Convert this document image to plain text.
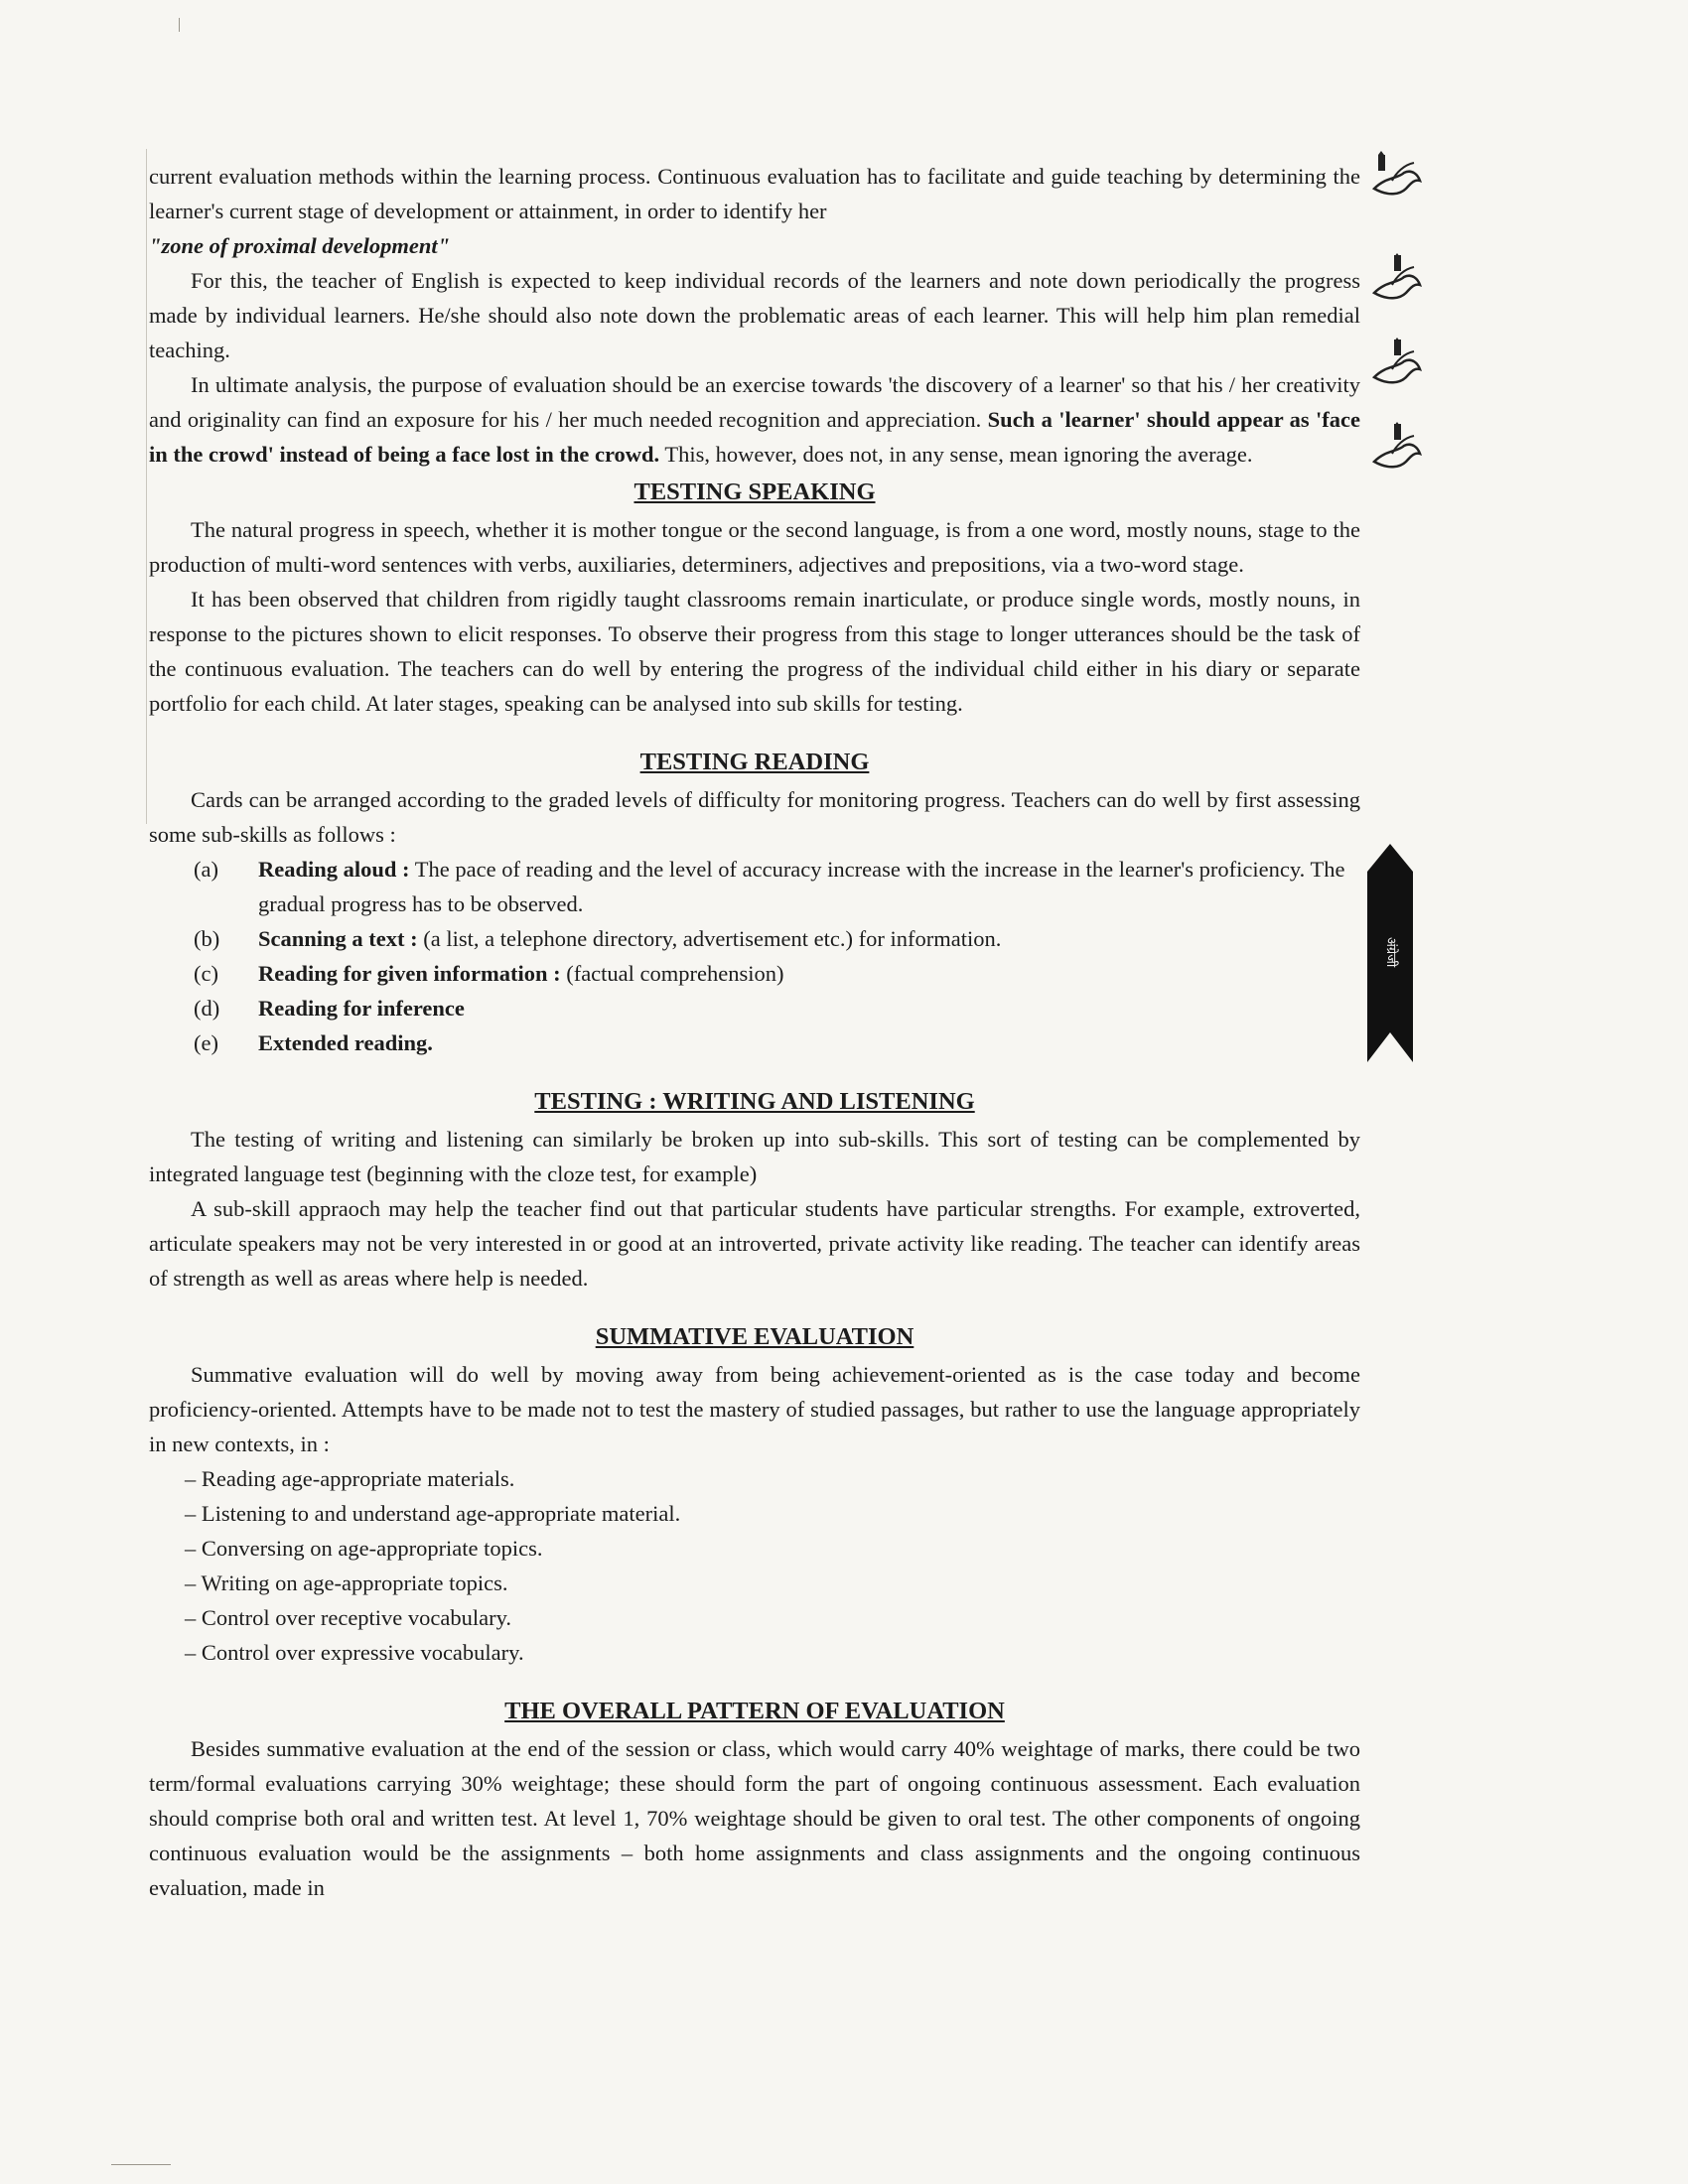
अंग्रेजी

current evaluation methods within the learning process. Continuous evaluation has to facilitate and guide teaching by determining the learner's current stage of development or attainment, in order to identify her
"zone of proximal development"

For this, the teacher of English is expected to keep individual records of the learners and note down periodically the progress made by individual learners. He/she should also note down the problematic areas of each learner. This will help him plan remedial teaching.

In ultimate analysis, the purpose of evaluation should be an exercise towards 'the discovery of a learner' so that his / her creativity and originality can find an exposure for his / her much needed recognition and appreciation. Such a 'learner' should appear as 'face in the crowd' instead of being a face lost in the crowd. This, however, does not, in any sense, mean ignoring the average.

TESTING SPEAKING

The natural progress in speech, whether it is mother tongue or the second language, is from a one word, mostly nouns, stage to the production of multi-word sentences with verbs, auxiliaries, determiners, adjectives and prepositions, via a two-word stage.

It has been observed that children from rigidly taught classrooms remain inarticulate, or produce single words, mostly nouns, in response to the pictures shown to elicit responses. To observe their progress from this stage to longer utterances should be the task of the continuous evaluation. The teachers can do well by entering the progress of the individual child either in his diary or separate portfolio for each child. At later stages, speaking can be analysed into sub skills for testing.

TESTING READING

Cards can be arranged according to the graded levels of difficulty for monitoring progress. Teachers can do well by first assessing some sub-skills as follows :

(a) Reading aloud : The pace of reading and the level of accuracy increase with the increase in the learner's proficiency. The gradual progress has to be observed.
(b) Scanning a text : (a list, a telephone directory, advertisement etc.) for information.
(c) Reading for given information : (factual comprehension)
(d) Reading for inference
(e) Extended reading.
TESTING : WRITING AND LISTENING

The testing of writing and listening can similarly be broken up into sub-skills. This sort of testing can be complemented by integrated language test (beginning with the cloze test, for example)

A sub-skill appraoch may help the teacher find out that particular students have particular strengths. For example, extroverted, articulate speakers may not be very interested in or good at an introverted, private activity like reading. The teacher can identify areas of strength as well as areas where help is needed.

SUMMATIVE EVALUATION

Summative evaluation will do well by moving away from being achievement-oriented as is the case today and become proficiency-oriented. Attempts have to be made not to test the mastery of studied passages, but rather to use the language appropriately in new contexts, in :

– Reading age-appropriate materials.
– Listening to and understand age-appropriate material.
– Conversing on age-appropriate topics.
– Writing on age-appropriate topics.
– Control over receptive vocabulary.
– Control over expressive vocabulary.
THE OVERALL PATTERN OF EVALUATION

Besides summative evaluation at the end of the session or class, which would carry 40% weightage of marks, there could be two term/formal evaluations carrying 30% weightage; these should form the part of ongoing continuous assessment. Each evaluation should comprise both oral and written test. At level 1, 70% weightage should be given to oral test. The other components of ongoing continuous evaluation would be the assignments – both home assignments and class assignments and the ongoing continuous evaluation, made in
